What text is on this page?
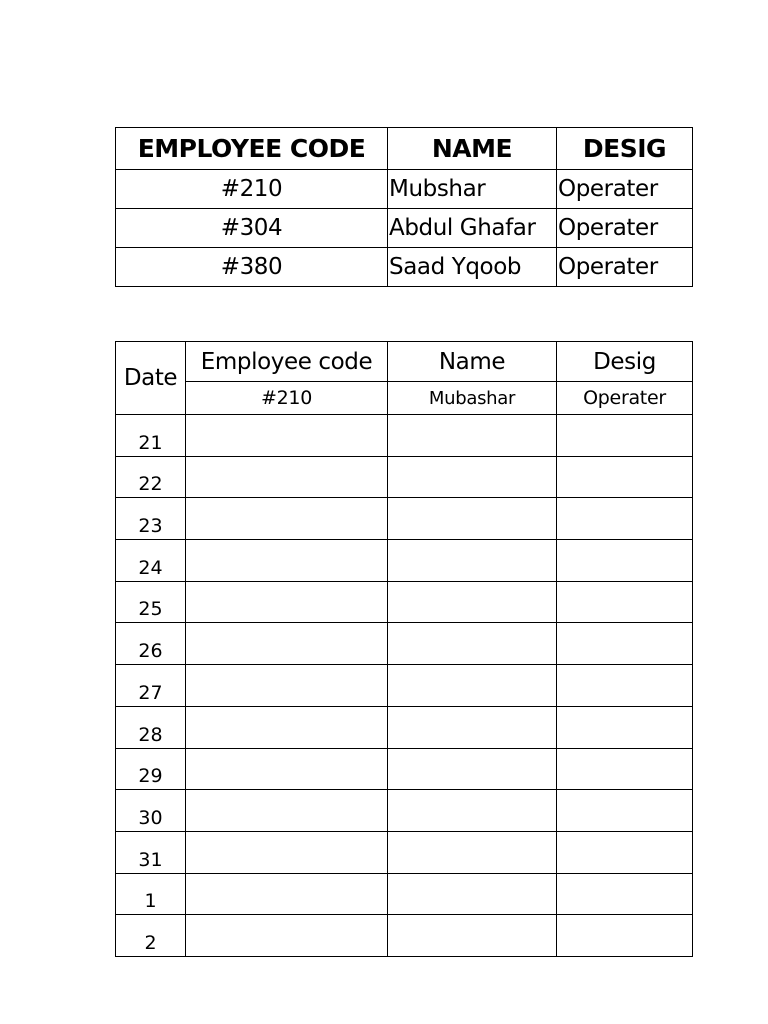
EMPLOYEE CODE	NAME	DESIG
#210	Mubshar	Operater
#304	Abdul Ghafar	Operater
#380	Saad Yqoob	Operater
Date	Employee code	Name	Desig
	#210	Mubashar	Operater
21			
22			
23			
24			
25			
26			
27			
28			
29			
30			
31			
1			
2			
